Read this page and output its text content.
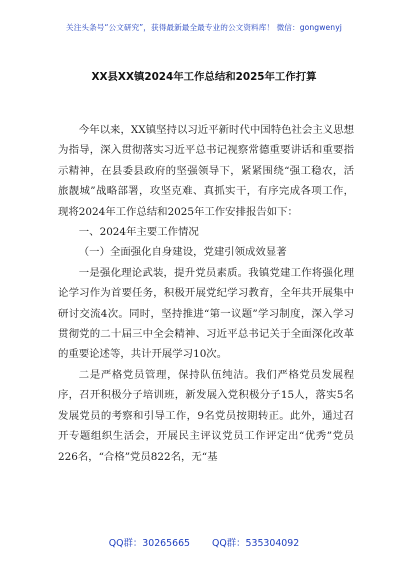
关注头条号“公文研究”，获得最新最全最专业的公文资料库！ 微信：gongwenyj
XX县XX镇2024年工作总结和2025年工作打算

今年以来，XX镇坚持以习近平新时代中国特色社会主义思想为指导，深入贯彻落实习近平总书记视察常德重要讲话和重要指示精神，在县委县政府的坚强领导下，紧紧围绕“强工稳农，活旅靓城”战略部署，攻坚克难、真抓实干，有序完成各项工作，现将2024年工作总结和2025年工作安排报告如下：

一、2024年主要工作情况

（一）全面强化自身建设，党建引领成效显著

一是强化理论武装，提升党员素质。我镇党建工作将强化理论学习作为首要任务，积极开展党纪学习教育，全年共开展集中研讨交流4次。同时，坚持推进“第一议题”学习制度，深入学习贯彻党的二十届三中全会精神、习近平总书记关于全面深化改革的重要论述等，共计开展学习10次。

二是严格党员管理，保持队伍纯洁。我们严格党员发展程序，召开积极分子培训班，新发展入党积极分子15人，落实5名发展党员的考察和引导工作，9名党员按期转正。此外，通过召开专题组织生活会，开展民主评议党员工作评定出“优秀”党员226名，“合格”党员822名，无“基

QQ群：30265665 QQ群：535304092
